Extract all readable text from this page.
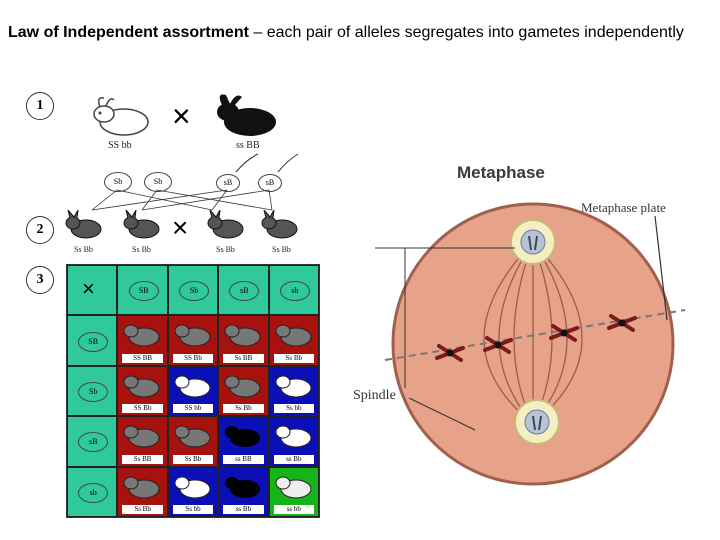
Law of Independent assortment – each pair of alleles segregates into gametes independently
1
SS bb
×
ss BB
Sb	Sb	sB	sB
2	×
Ss Bb	Ss Bb	Ss Bb	Ss Bb
3	×	SB	Sb	sB	sb
SB
SS BB	SS Bb	Ss BB	Ss Bb
Sb
SS Bb	SS bb	Ss Bb	Ss bb
sB
Ss BB	Ss Bb	ss BB	ss Bb
sb
Ss Bb	Ss bb	ss Bb	ss bb
Metaphase
Metaphase plate
Spindle
